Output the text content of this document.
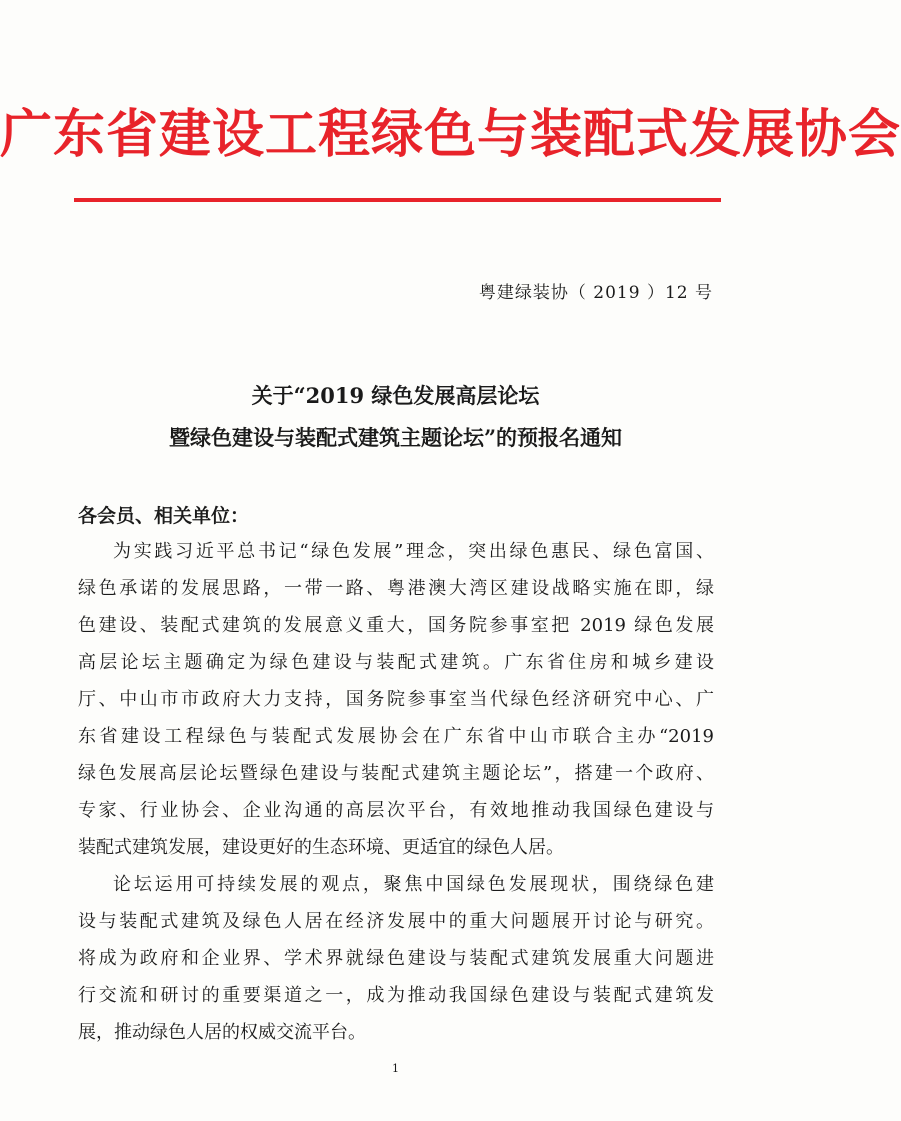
广东省建设工程绿色与装配式发展协会
粤建绿装协（ 2019 ）12 号
关于“2019 绿色发展高层论坛
暨绿色建设与装配式建筑主题论坛”的预报名通知
各会员、相关单位：
为实践习近平总书记“绿色发展”理念，突出绿色惠民、绿色富国、
绿色承诺的发展思路，一带一路、粤港澳大湾区建设战略实施在即，绿
色建设、装配式建筑的发展意义重大，国务院参事室把 2019 绿色发展
高层论坛主题确定为绿色建设与装配式建筑。广东省住房和城乡建设
厅、中山市市政府大力支持，国务院参事室当代绿色经济研究中心、广
东省建设工程绿色与装配式发展协会在广东省中山市联合主办“2019
绿色发展高层论坛暨绿色建设与装配式建筑主题论坛”，搭建一个政府、
专家、行业协会、企业沟通的高层次平台，有效地推动我国绿色建设与
装配式建筑发展，建设更好的生态环境、更适宜的绿色人居。
论坛运用可持续发展的观点，聚焦中国绿色发展现状，围绕绿色建
设与装配式建筑及绿色人居在经济发展中的重大问题展开讨论与研究。
将成为政府和企业界、学术界就绿色建设与装配式建筑发展重大问题进
行交流和研讨的重要渠道之一，成为推动我国绿色建设与装配式建筑发
展，推动绿色人居的权威交流平台。
1
